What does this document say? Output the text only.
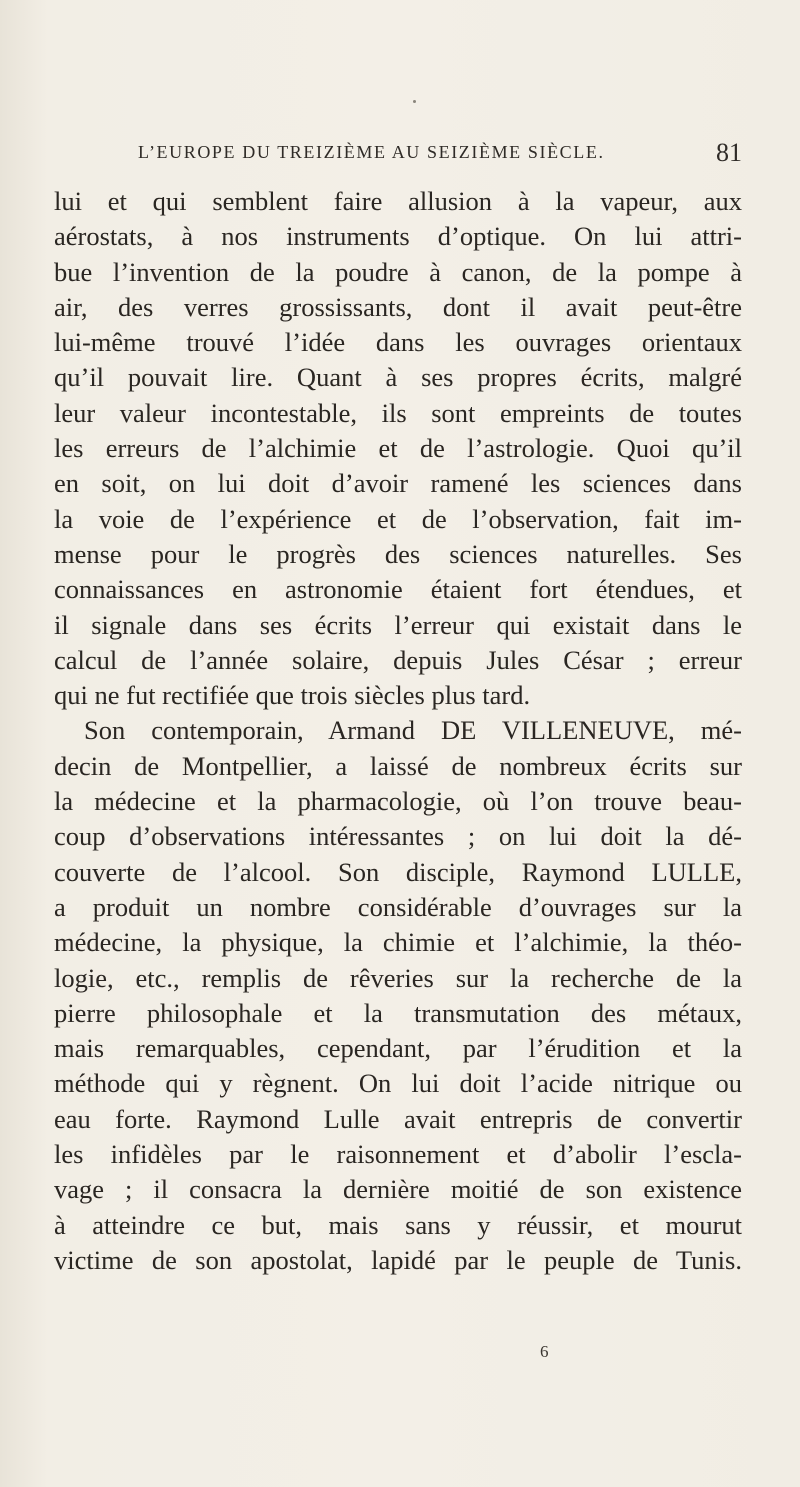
L’EUROPE DU TREIZIÈME AU SEIZIÈME SIÈCLE.	81
lui et qui semblent faire allusion à la vapeur, aux
aérostats, à nos instruments d’optique. On lui attri-
bue l’invention de la poudre à canon, de la pompe à
air, des verres grossissants, dont il avait peut-être
lui-même trouvé l’idée dans les ouvrages orientaux
qu’il pouvait lire. Quant à ses propres écrits, malgré
leur valeur incontestable, ils sont empreints de toutes
les erreurs de l’alchimie et de l’astrologie. Quoi qu’il
en soit, on lui doit d’avoir ramené les sciences dans
la voie de l’expérience et de l’observation, fait im-
mense pour le progrès des sciences naturelles. Ses
connaissances en astronomie étaient fort étendues, et
il signale dans ses écrits l’erreur qui existait dans le
calcul de l’année solaire, depuis Jules César ; erreur
qui ne fut rectifiée que trois siècles plus tard.
Son contemporain, Armand DE VILLENEUVE, mé-
decin de Montpellier, a laissé de nombreux écrits sur
la médecine et la pharmacologie, où l’on trouve beau-
coup d’observations intéressantes ; on lui doit la dé-
couverte de l’alcool. Son disciple, Raymond LULLE,
a produit un nombre considérable d’ouvrages sur la
médecine, la physique, la chimie et l’alchimie, la théo-
logie, etc., remplis de rêveries sur la recherche de la
pierre philosophale et la transmutation des métaux,
mais remarquables, cependant, par l’érudition et la
méthode qui y règnent. On lui doit l’acide nitrique ou
eau forte. Raymond Lulle avait entrepris de convertir
les infidèles par le raisonnement et d’abolir l’escla-
vage ; il consacra la dernière moitié de son existence
à atteindre ce but, mais sans y réussir, et mourut
victime de son apostolat, lapidé par le peuple de Tunis.
6
